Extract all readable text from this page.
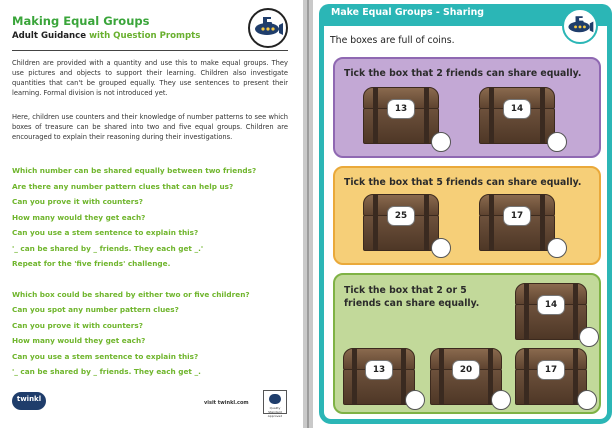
Making Equal Groups
Adult Guidance with Question Prompts
Children are provided with a quantity and use this to make equal groups. They use pictures and objects to support their learning. Children also investigate quantities that can't be grouped equally. They use sentences to present their learning. Formal division is not introduced yet.
Here, children use counters and their knowledge of number patterns to see which boxes of treasure can be shared into two and five equal groups. Children are encouraged to explain their reasoning during their investigations.
Which number can be shared equally between two friends?
Are there any number pattern clues that can help us?
Can you prove it with counters?
How many would they get each?
Can you use a stem sentence to explain this?
'_ can be shared by _ friends. They each get _.'
Repeat for the 'five friends' challenge.
Which box could be shared by either two or five children?
Can you spot any number pattern clues?
Can you prove it with counters?
How many would they get each?
Can you use a stem sentence to explain this?
'_ can be shared by _ friends. They each get _.
twinkl	visit twinkl.com
Quality Standard Approved
Make Equal Groups - Sharing
The boxes are full of coins.
Tick the box that 2 friends can share equally.
13	14
Tick the box that 5 friends can share equally.
25	17
Tick the box that 2 or 5
friends can share equally.	14
13	20	17
